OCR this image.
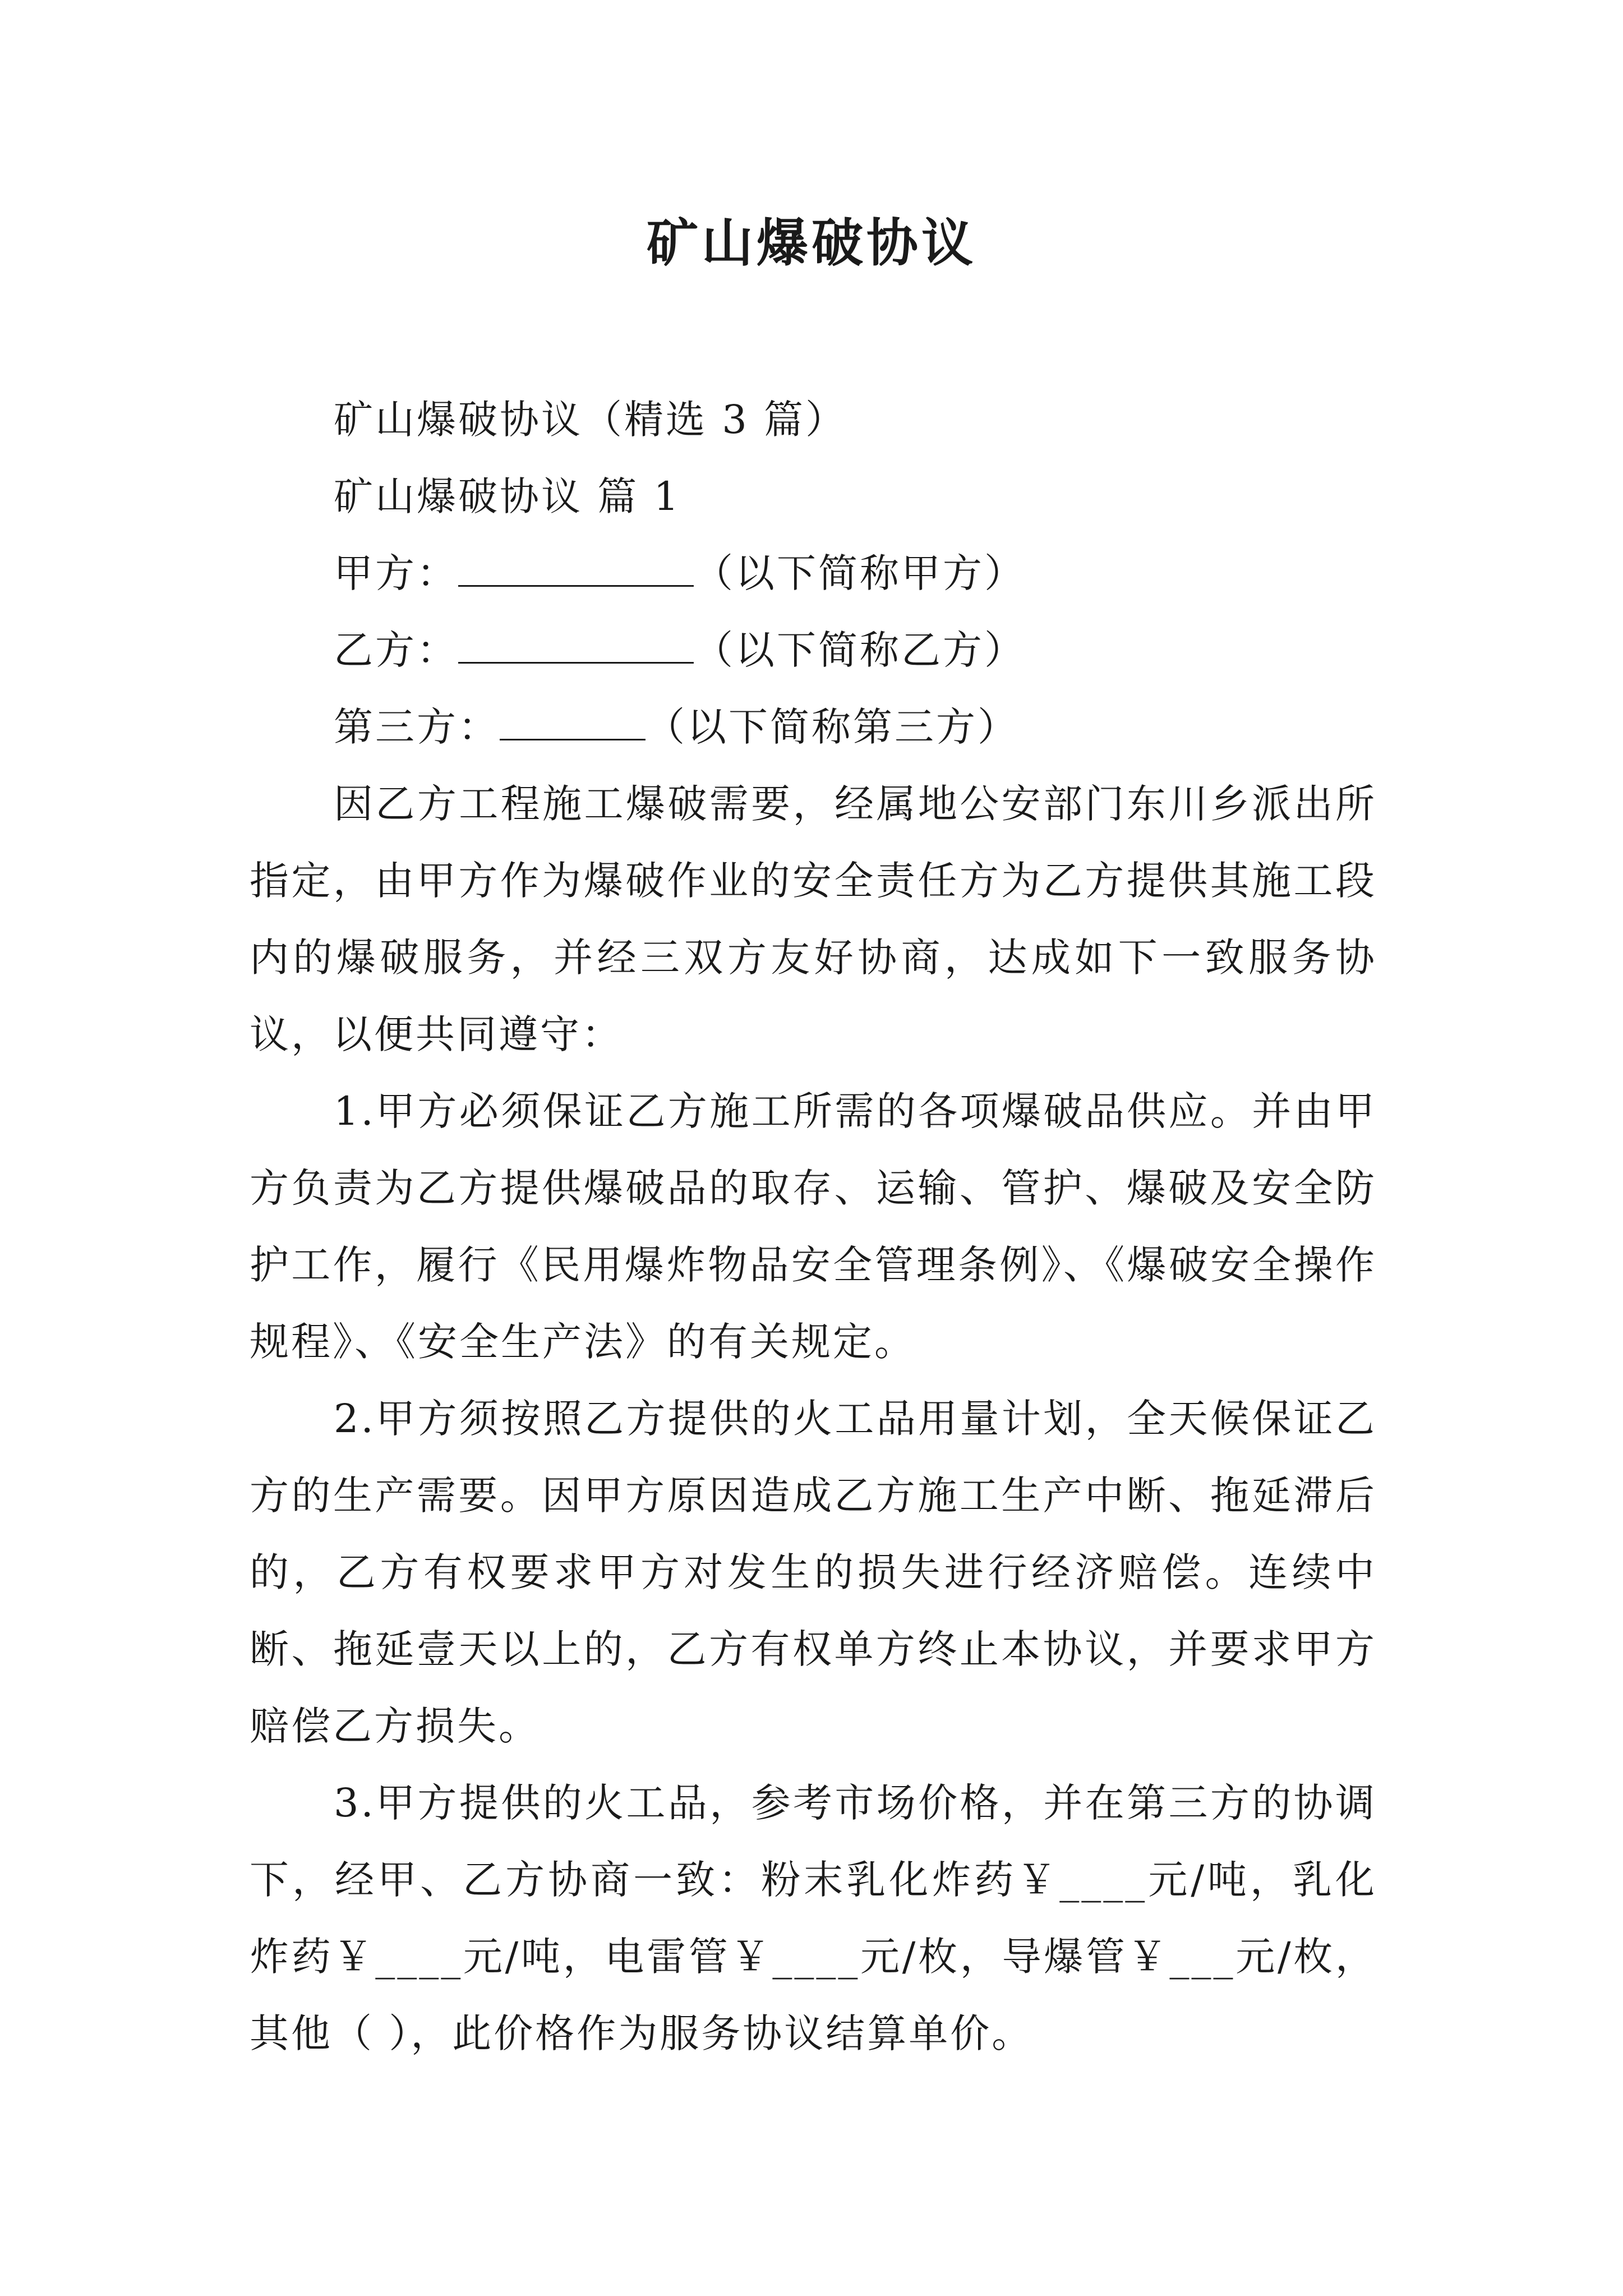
矿山爆破协议
矿山爆破协议（精选 3 篇）
矿山爆破协议 篇 1
甲方：	（以下简称甲方）
乙方：	（以下简称乙方）
第三方：	（以下简称第三方）

因乙方工程施工爆破需要，经属地公安部门东川乡派出所指定，由甲方作为爆破作业的安全责任方为乙方提供其施工段内的爆破服务，并经三双方友好协商，达成如下一致服务协议，以便共同遵守：

1.甲方必须保证乙方施工所需的各项爆破品供应。并由甲方负责为乙方提供爆破品的取存、运输、管护、爆破及安全防护工作，履行《民用爆炸物品安全管理条例》、《爆破安全操作规程》、《安全生产法》的有关规定。

2.甲方须按照乙方提供的火工品用量计划，全天候保证乙方的生产需要。因甲方原因造成乙方施工生产中断、拖延滞后的，乙方有权要求甲方对发生的损失进行经济赔偿。连续中断、拖延壹天以上的，乙方有权单方终止本协议，并要求甲方赔偿乙方损失。

3.甲方提供的火工品，参考市场价格，并在第三方的协调下，经甲、乙方协商一致：粉末乳化炸药￥____元/吨，乳化炸药￥____元/吨，电雷管￥____元/枚，导爆管￥___元/枚，其他（ ），此价格作为服务协议结算单价。
